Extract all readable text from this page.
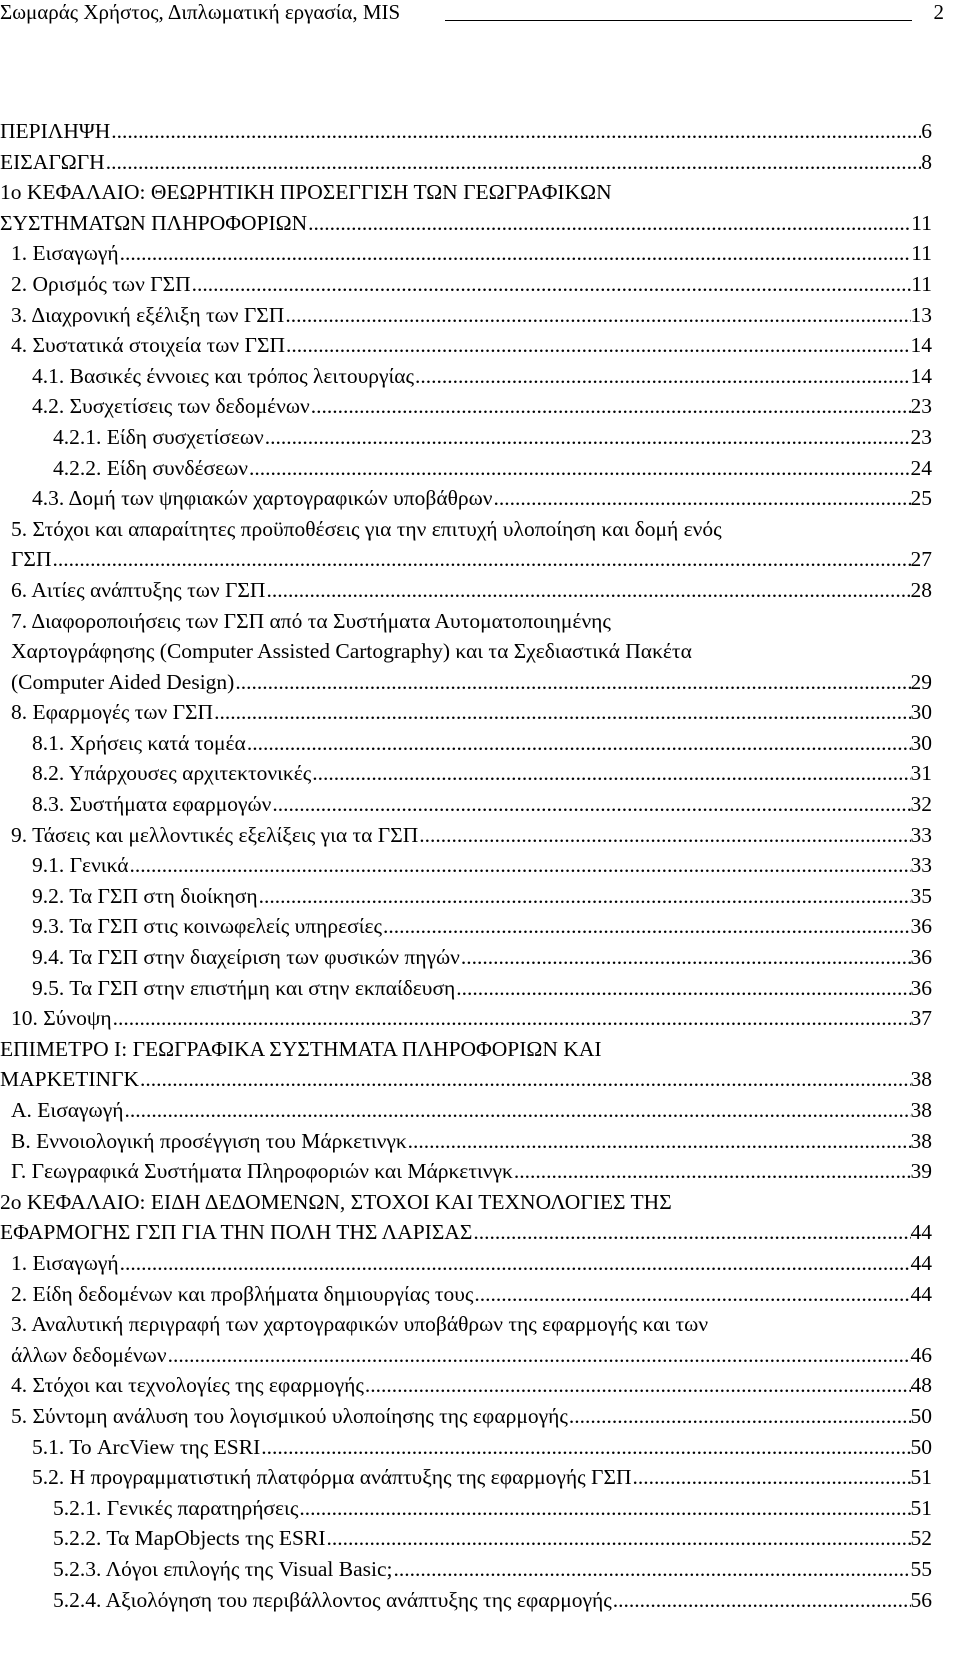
Σωμαράς Χρήστος, Διπλωματική εργασία, MIS	2
ΠΕΡΙΛΗΨΗ .....	6
ΕΙΣΑΓΩΓΗ .....	8
1ο ΚΕΦΑΛΑΙΟ: ΘΕΩΡΗΤΙΚΗ ΠΡΟΣΕΓΓΙΣΗ ΤΩΝ ΓΕΩΓΡΑΦΙΚΩΝ
ΣΥΣΤΗΜΑΤΩΝ ΠΛΗΡΟΦΟΡΙΩΝ .....	11
1. Εισαγωγή .....	11
2. Ορισμός των ΓΣΠ .....	11
3. Διαχρονική εξέλιξη των ΓΣΠ .....	13
4. Συστατικά στοιχεία των ΓΣΠ .....	14
4.1. Βασικές έννοιες και τρόπος λειτουργίας .....	14
4.2. Συσχετίσεις των δεδομένων .....	23
4.2.1. Είδη συσχετίσεων .....	23
4.2.2. Είδη συνδέσεων .....	24
4.3. Δομή των ψηφιακών χαρτογραφικών υποβάθρων .....	25
5. Στόχοι και απαραίτητες προϋποθέσεις για την επιτυχή υλοποίηση και δομή ενός
ΓΣΠ .....	27
6. Αιτίες ανάπτυξης των ΓΣΠ .....	28
7. Διαφοροποιήσεις των ΓΣΠ από τα Συστήματα Αυτοματοποιημένης
Χαρτογράφησης (Computer Assisted Cartography) και τα Σχεδιαστικά Πακέτα
(Computer Aided Design) .....	29
8. Εφαρμογές των ΓΣΠ .....	30
8.1. Χρήσεις κατά τομέα .....	30
8.2. Υπάρχουσες αρχιτεκτονικές .....	31
8.3. Συστήματα εφαρμογών .....	32
9. Τάσεις και μελλοντικές εξελίξεις για τα ΓΣΠ .....	33
9.1. Γενικά .....	33
9.2. Τα ΓΣΠ στη διοίκηση .....	35
9.3. Τα ΓΣΠ στις κοινωφελείς υπηρεσίες .....	36
9.4. Τα ΓΣΠ στην διαχείριση των φυσικών πηγών .....	36
9.5. Τα ΓΣΠ στην επιστήμη και στην εκπαίδευση .....	36
10. Σύνοψη .....	37
ΕΠΙΜΕΤΡΟ Ι: ΓΕΩΓΡΑΦΙΚΑ ΣΥΣΤΗΜΑΤΑ ΠΛΗΡΟΦΟΡΙΩΝ ΚΑΙ
ΜΑΡΚΕΤΙΝΓΚ .....	38
Α. Εισαγωγή .....	38
Β. Εννοιολογική προσέγγιση του Μάρκετινγκ .....	38
Γ. Γεωγραφικά Συστήματα Πληροφοριών και Μάρκετινγκ .....	39
2ο ΚΕΦΑΛΑΙΟ: ΕΙΔΗ ΔΕΔΟΜΕΝΩΝ, ΣΤΟΧΟΙ ΚΑΙ ΤΕΧΝΟΛΟΓΙΕΣ ΤΗΣ
ΕΦΑΡΜΟΓΗΣ ΓΣΠ ΓΙΑ ΤΗΝ ΠΟΛΗ ΤΗΣ ΛΑΡΙΣΑΣ .....	44
1. Εισαγωγή .....	44
2. Είδη δεδομένων και προβλήματα δημιουργίας τους .....	44
3. Αναλυτική περιγραφή των χαρτογραφικών υποβάθρων της εφαρμογής και των
άλλων δεδομένων .....	46
4. Στόχοι και τεχνολογίες της εφαρμογής .....	48
5. Σύντομη ανάλυση του λογισμικού υλοποίησης της εφαρμογής .....	50
5.1. Το ArcView της ESRI .....	50
5.2. Η προγραμματιστική πλατφόρμα ανάπτυξης της εφαρμογής ΓΣΠ .....	51
5.2.1. Γενικές παρατηρήσεις .....	51
5.2.2. Τα MapObjects της ESRI .....	52
5.2.3. Λόγοι επιλογής της Visual Basic; .....	55
5.2.4. Αξιολόγηση του περιβάλλοντος ανάπτυξης της εφαρμογής .....	56
